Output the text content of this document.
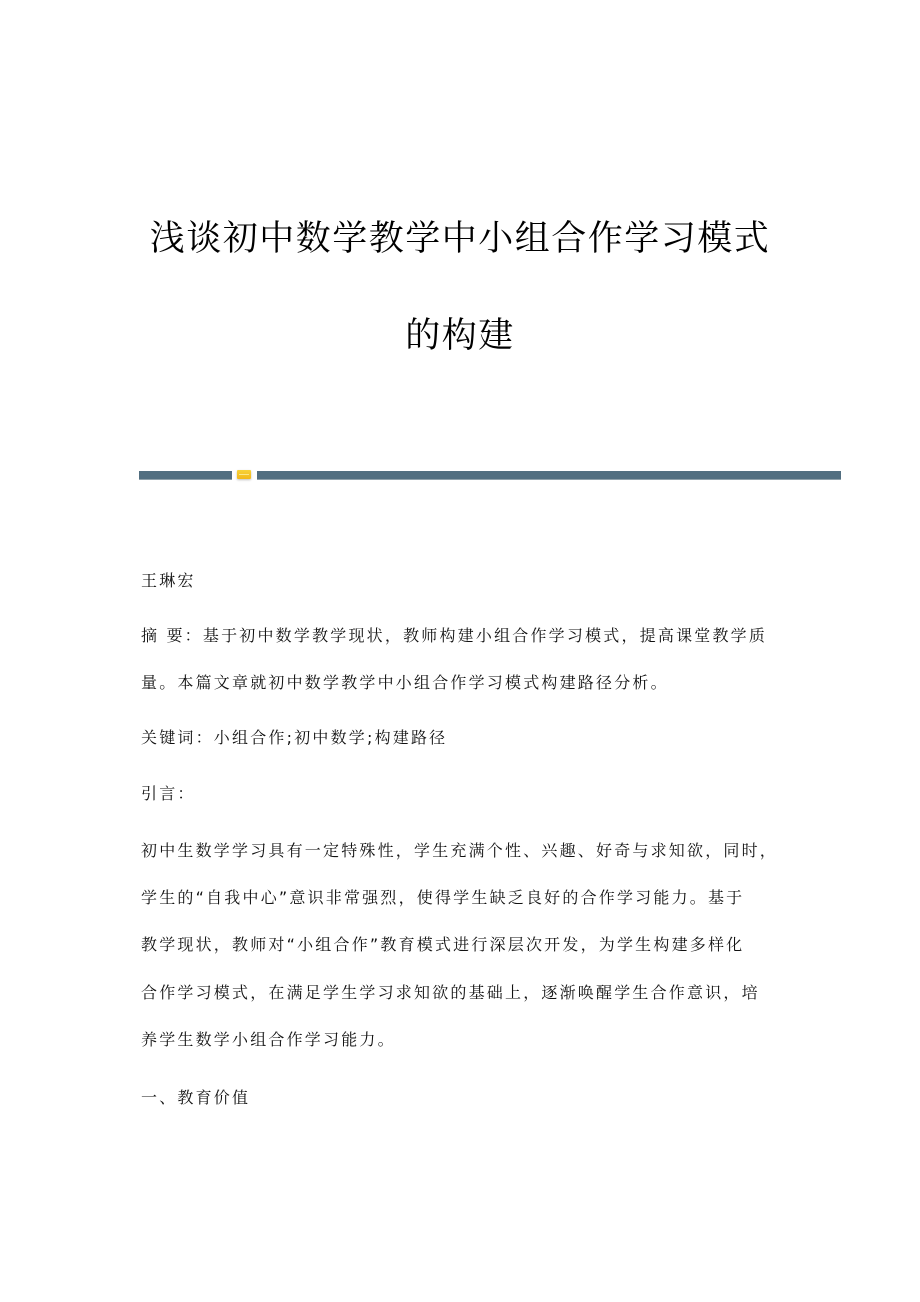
浅谈初中数学教学中小组合作学习模式
的构建
王琳宏
摘 要：基于初中数学教学现状，教师构建小组合作学习模式，提高课堂教学质
量。本篇文章就初中数学教学中小组合作学习模式构建路径分析。
关键词：小组合作;初中数学;构建路径
引言：
初中生数学学习具有一定特殊性，学生充满个性、兴趣、好奇与求知欲，同时，
学生的“自我中心”意识非常强烈，使得学生缺乏良好的合作学习能力。基于
教学现状，教师对“小组合作”教育模式进行深层次开发，为学生构建多样化
合作学习模式，在满足学生学习求知欲的基础上，逐渐唤醒学生合作意识，培
养学生数学小组合作学习能力。
一、教育价值
